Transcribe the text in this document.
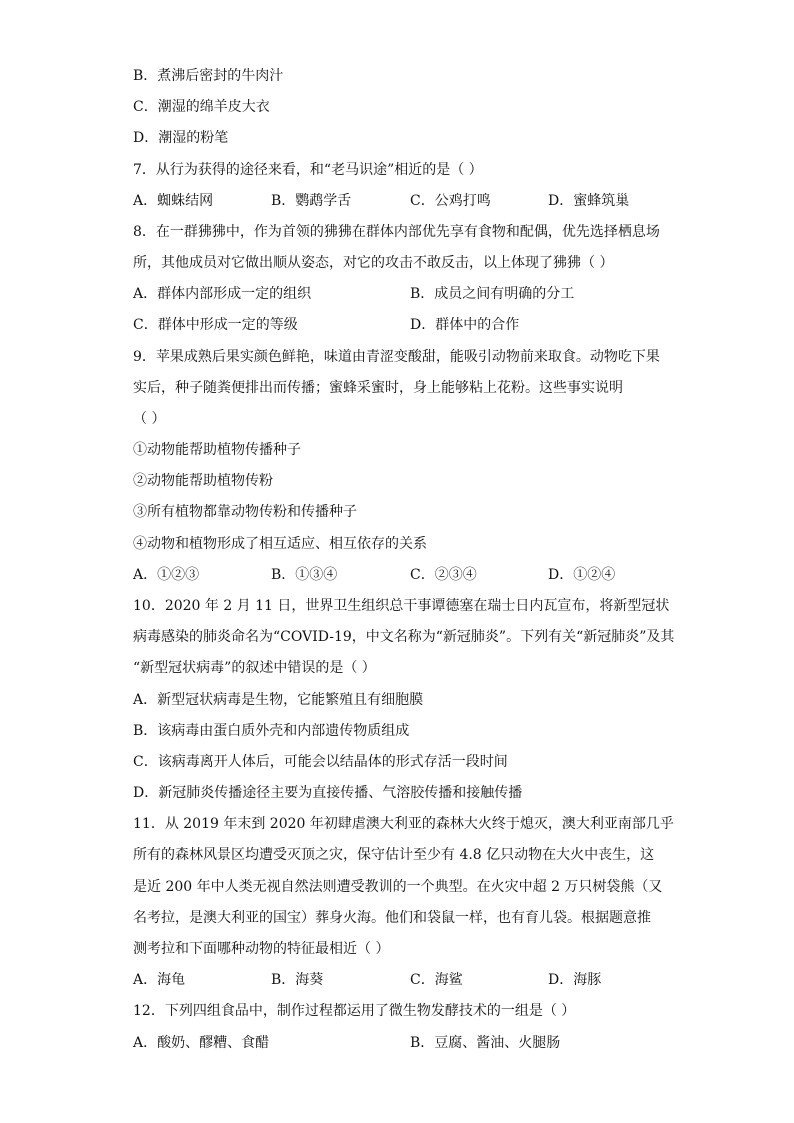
B．煮沸后密封的牛肉汁
C．潮湿的绵羊皮大衣
D．潮湿的粉笔
7．从行为获得的途径来看，和“老马识途”相近的是（ ）
A．蜘蛛结网	B．鹦鹉学舌	C．公鸡打鸣	D．蜜蜂筑巢
8．在一群狒狒中，作为首领的狒狒在群体内部优先享有食物和配偶，优先选择栖息场
所，其他成员对它做出顺从姿态，对它的攻击不敢反击，以上体现了狒狒（ ）
A．群体内部形成一定的组织	B．成员之间有明确的分工
C．群体中形成一定的等级	D．群体中的合作
9．苹果成熟后果实颜色鲜艳，味道由青涩变酸甜，能吸引动物前来取食。动物吃下果
实后，种子随粪便排出而传播；蜜蜂采蜜时，身上能够粘上花粉。这些事实说明
（ ）
①动物能帮助植物传播种子
②动物能帮助植物传粉
③所有植物都靠动物传粉和传播种子
④动物和植物形成了相互适应、相互依存的关系
A．①②③	B．①③④	C．②③④	D．①②④
10．2020 年 2 月 11 日，世界卫生组织总干事谭德塞在瑞士日内瓦宣布，将新型冠状
病毒感染的肺炎命名为“COVID-19，中文名称为“新冠肺炎”。下列有关“新冠肺炎”及其
“新型冠状病毒”的叙述中错误的是（ ）
A．新型冠状病毒是生物，它能繁殖且有细胞膜
B．该病毒由蛋白质外壳和内部遗传物质组成
C．该病毒离开人体后，可能会以结晶体的形式存活一段时间
D．新冠肺炎传播途径主要为直接传播、气溶胶传播和接触传播
11．从 2019 年末到 2020 年初肆虐澳大利亚的森林大火终于熄灭，澳大利亚南部几乎
所有的森林风景区均遭受灭顶之灾，保守估计至少有 4.8 亿只动物在大火中丧生，这
是近 200 年中人类无视自然法则遭受教训的一个典型。在火灾中超 2 万只树袋熊（又
名考拉，是澳大利亚的国宝）葬身火海。他们和袋鼠一样，也有育儿袋。根据题意推
测考拉和下面哪种动物的特征最相近（ ）
A．海龟	B．海葵	C．海鲨	D．海豚
12．下列四组食品中，制作过程都运用了微生物发酵技术的一组是（ ）
A．酸奶、醪糟、食醋	B．豆腐、酱油、火腿肠
